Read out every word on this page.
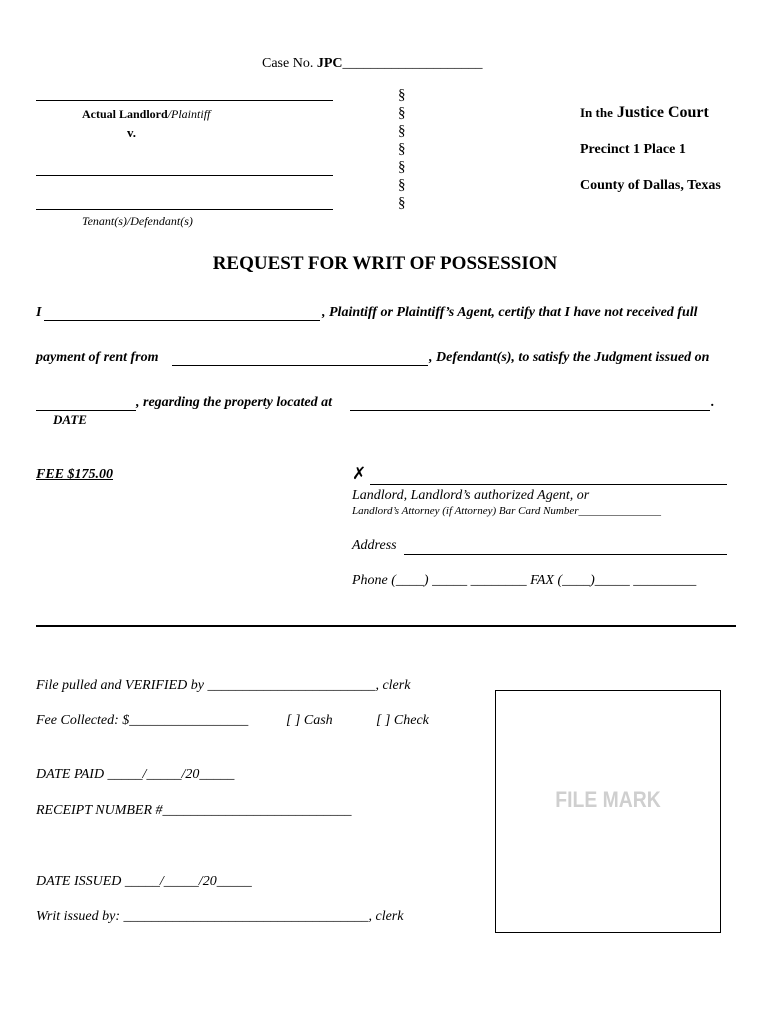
Case No. JPC____________________
Actual Landlord/Plaintiff
v.
Tenant(s)/Defendant(s)
§
§
§
§
§
§
§
In the Justice Court
Precinct 1 Place 1
County of Dallas, Texas
REQUEST FOR WRIT OF POSSESSION
I	, Plaintiff or Plaintiff’s Agent, certify that I have not received full
payment of rent from	, Defendant(s), to satisfy the Judgment issued on
, regarding the property located at	.
DATE
FEE $175.00	✗
Landlord, Landlord’s authorized Agent, or
Landlord’s Attorney (if Attorney) Bar Card Number_______________
Address
Phone (____) _____ ________ FAX (____)_____ _________
File pulled and VERIFIED by ________________________, clerk
Fee Collected: $_________________	[ ] Cash	[ ] Check
DATE PAID _____/_____/20_____
RECEIPT NUMBER #___________________________
DATE ISSUED _____/_____/20_____
Writ issued by: ___________________________________, clerk
FILE MARK
